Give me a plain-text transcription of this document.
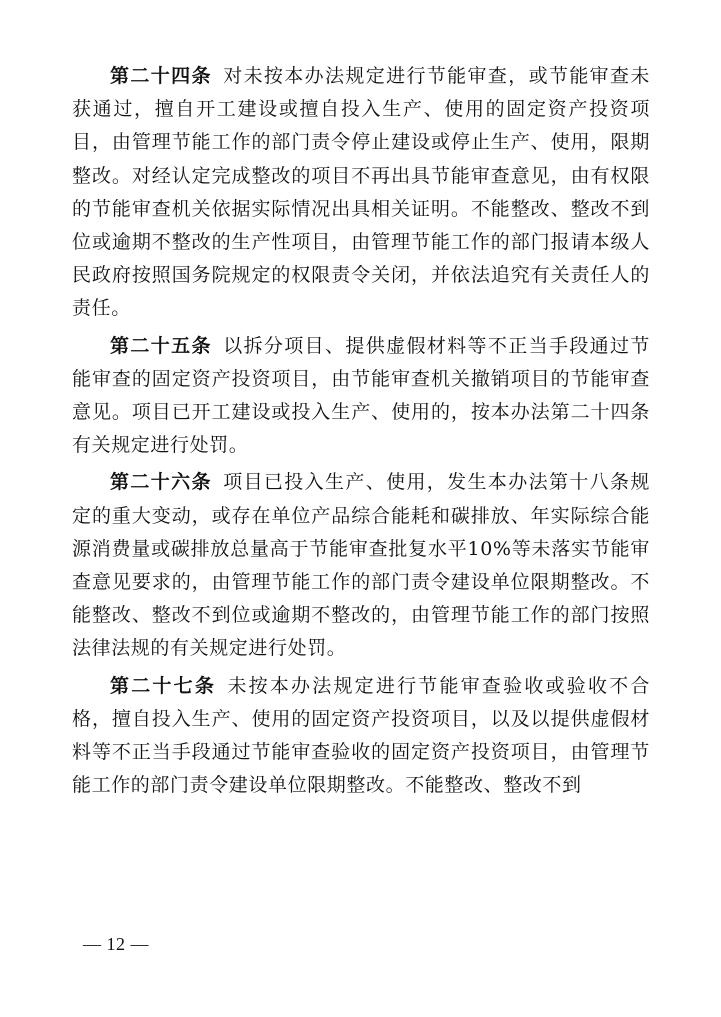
第二十四条 对未按本办法规定进行节能审查，或节能审查未获通过，擅自开工建设或擅自投入生产、使用的固定资产投资项目，由管理节能工作的部门责令停止建设或停止生产、使用，限期整改。对经认定完成整改的项目不再出具节能审查意见，由有权限的节能审查机关依据实际情况出具相关证明。不能整改、整改不到位或逾期不整改的生产性项目，由管理节能工作的部门报请本级人民政府按照国务院规定的权限责令关闭，并依法追究有关责任人的责任。

第二十五条 以拆分项目、提供虚假材料等不正当手段通过节能审查的固定资产投资项目，由节能审查机关撤销项目的节能审查意见。项目已开工建设或投入生产、使用的，按本办法第二十四条有关规定进行处罚。

第二十六条 项目已投入生产、使用，发生本办法第十八条规定的重大变动，或存在单位产品综合能耗和碳排放、年实际综合能源消费量或碳排放总量高于节能审查批复水平10%等未落实节能审查意见要求的，由管理节能工作的部门责令建设单位限期整改。不能整改、整改不到位或逾期不整改的，由管理节能工作的部门按照法律法规的有关规定进行处罚。

第二十七条 未按本办法规定进行节能审查验收或验收不合格，擅自投入生产、使用的固定资产投资项目，以及以提供虚假材料等不正当手段通过节能审查验收的固定资产投资项目，由管理节能工作的部门责令建设单位限期整改。不能整改、整改不到

— 12 —
